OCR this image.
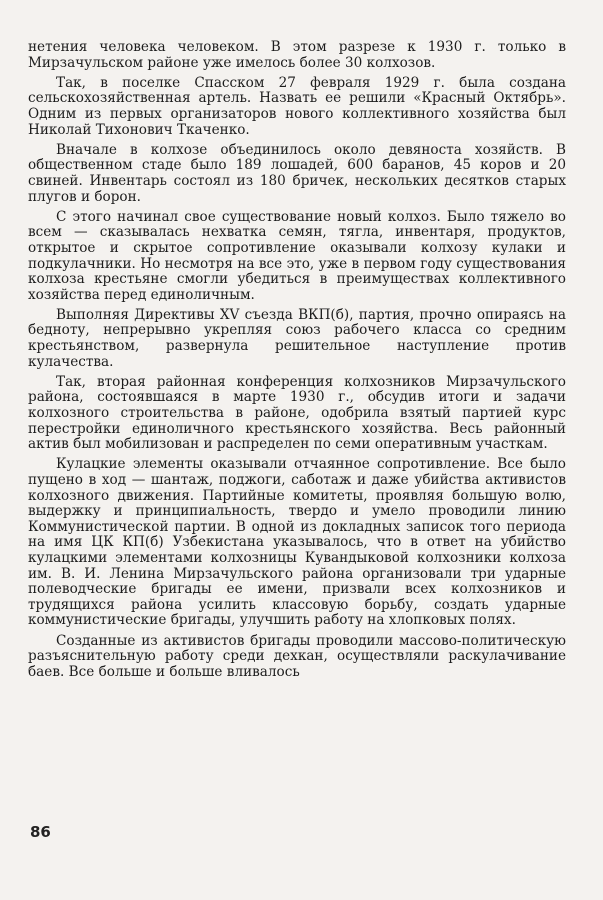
нетения человека человеком. В этом разрезе к 1930 г. только в Мирзачульском районе уже имелось более 30 колхозов.

Так, в поселке Спасском 27 февраля 1929 г. была создана сельскохозяйственная артель. Назвать ее решили «Красный Октябрь». Одним из первых организаторов нового коллективного хозяйства был Николай Тихонович Ткаченко.

Вначале в колхозе объединилось около девяноста хозяйств. В общественном стаде было 189 лошадей, 600 баранов, 45 коров и 20 свиней. Инвентарь состоял из 180 бричек, нескольких десятков старых плугов и борон.

С этого начинал свое существование новый колхоз. Было тяжело во всем — сказывалась нехватка семян, тягла, инвентаря, продуктов, открытое и скрытое сопротивление оказывали колхозу кулаки и подкулачники. Но несмотря на все это, уже в первом году существования колхоза крестьяне смогли убедиться в преимуществах коллективного хозяйства перед единоличным.

Выполняя Директивы XV съезда ВКП(б), партия, прочно опираясь на бедноту, непрерывно укрепляя союз рабочего класса со средним крестьянством, развернула решительное наступление против кулачества.

Так, вторая районная конференция колхозников Мирзачульского района, состоявшаяся в марте 1930 г., обсудив итоги и задачи колхозного строительства в районе, одобрила взятый партией курс перестройки единоличного крестьянского хозяйства. Весь районный актив был мобилизован и распределен по семи оперативным участкам.

Кулацкие элементы оказывали отчаянное сопротивление. Все было пущено в ход — шантаж, поджоги, саботаж и даже убийства активистов колхозного движения. Партийные комитеты, проявляя большую волю, выдержку и принципиальность, твердо и умело проводили линию Коммунистической партии. В одной из докладных записок того периода на имя ЦК КП(б) Узбекистана указывалось, что в ответ на убийство кулацкими элементами колхозницы Кувандыковой колхозники колхоза им. В. И. Ленина Мирзачульского района организовали три ударные полеводческие бригады ее имени, призвали всех колхозников и трудящихся района усилить классовую борьбу, создать ударные коммунистические бригады, улучшить работу на хлопковых полях.

Созданные из активистов бригады проводили массово-политическую разъяснительную работу среди дехкан, осуществляли раскулачивание баев. Все больше и больше вливалось

86
